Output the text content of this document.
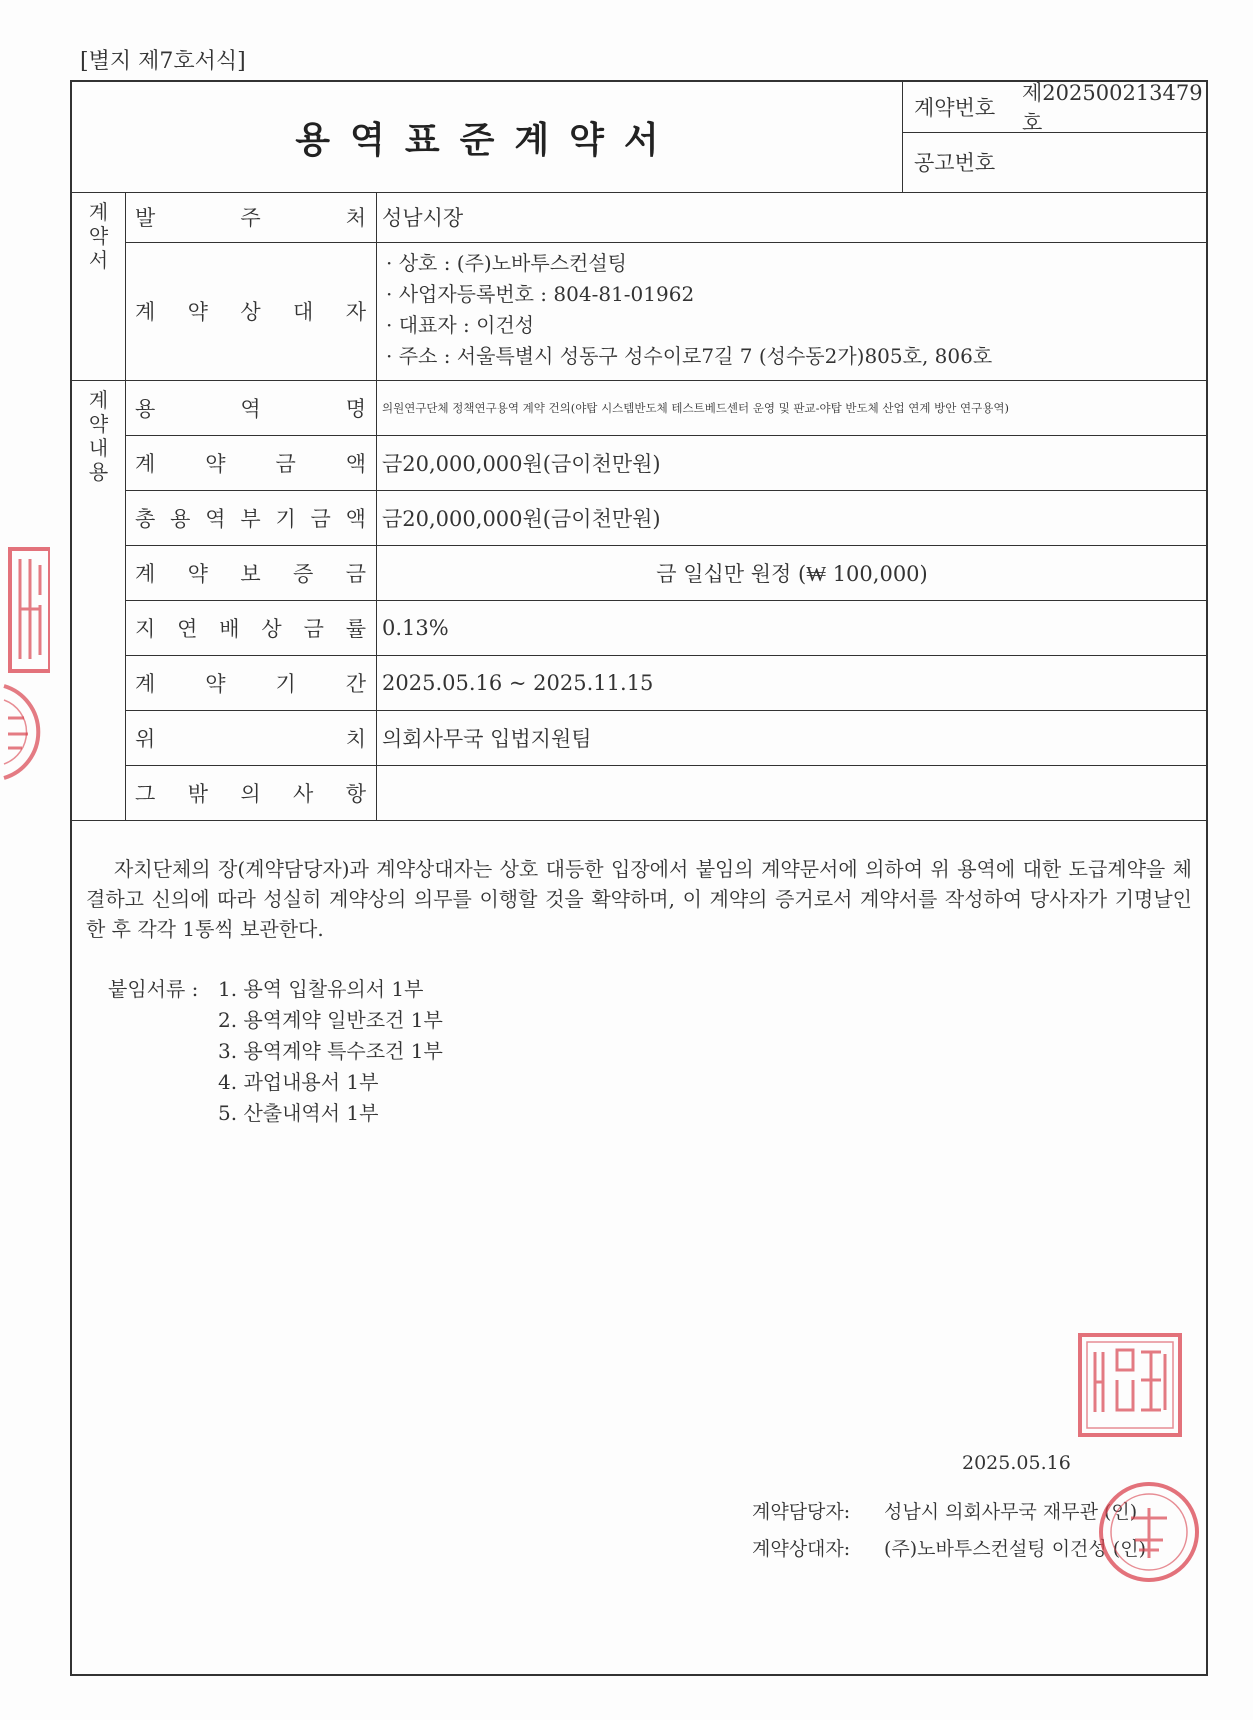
[별지 제7호서식]
용역표준계약서
계약번호
제202500213479호
공고번호
계약서
발	주	처 성남시장
계 약 상 대 자
· 상호 : (주)노바투스컨설팅
· 사업자등록번호 : 804-81-01962
· 대표자 : 이건성
· 주소 : 서울특별시 성동구 성수이로7길 7 (성수동2가)805호, 806호
계약내용
용	역	명	의원연구단체 정책연구용역 계약 건의(야탑 시스템반도체 테스트베드센터 운영 및 판교-야탑 반도체 산업 연계 방안 연구용역)
계 약 금 액 금20,000,000원(금이천만원)
총 용 역 부 기 금 액 금20,000,000원(금이천만원)
계 약 보 증 금	금 일십만 원정 (₩ 100,000)
지 연 배 상 금 률 0.13%
계 약 기 간 2025.05.16 ~ 2025.11.15
위	치 의회사무국 입법지원팀
그 밖 의 사 항
자치단체의 장(계약담당자)과 계약상대자는 상호 대등한 입장에서 붙임의 계약문서에 의하여 위 용역에 대한 도급계약을 체결하고 신의에 따라 성실히 계약상의 의무를 이행할 것을 확약하며, 이 계약의 증거로서 계약서를 작성하여 당사자가 기명날인한 후 각각 1통씩 보관한다.
붙임서류 : 1. 용역 입찰유의서 1부
2. 용역계약 일반조건 1부
3. 용역계약 특수조건 1부
4. 과업내용서 1부
5. 산출내역서 1부
2025.05.16
계약담당자:	성남시 의회사무국 재무관 (인)
계약상대자:	(주)노바투스컨설팅 이건성 (인)
